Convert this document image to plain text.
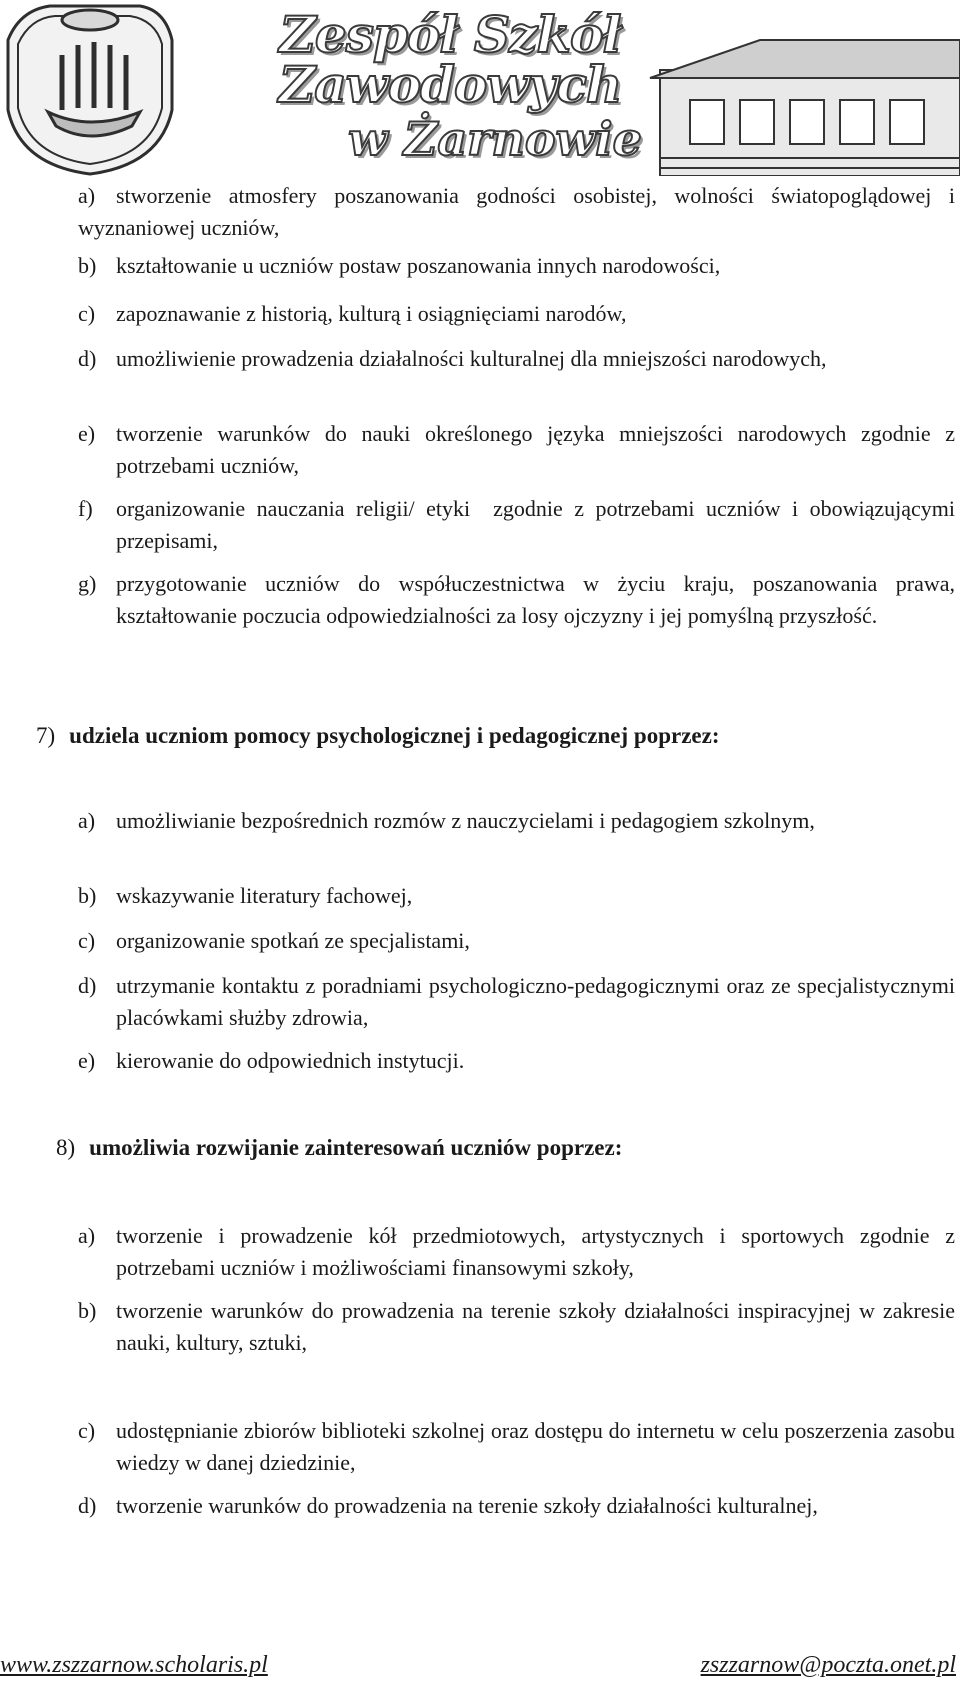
Zespół Szkół Zawodowych
w Żarnowie
a) stworzenie atmosfery poszanowania godności osobistej, wolności światopoglądowej i wyznaniowej uczniów,
b) kształtowanie u uczniów postaw poszanowania innych narodowości,
c) zapoznawanie z historią, kulturą i osiągnięciami narodów,
d) umożliwienie prowadzenia działalności kulturalnej dla mniejszości narodowych,
e) tworzenie warunków do nauki określonego języka mniejszości narodowych zgodnie z potrzebami uczniów,
f) organizowanie nauczania religii/ etyki  zgodnie z potrzebami uczniów i obowiązującymi przepisami,
g) przygotowanie uczniów do współuczestnictwa w życiu kraju, poszanowania prawa, kształtowanie poczucia odpowiedzialności za losy ojczyzny i jej pomyślną przyszłość.
7) udziela uczniom pomocy psychologicznej i pedagogicznej poprzez:
a) umożliwianie bezpośrednich rozmów z nauczycielami i pedagogiem szkolnym,
b) wskazywanie literatury fachowej,
c) organizowanie spotkań ze specjalistami,
d) utrzymanie kontaktu z poradniami psychologiczno-pedagogicznymi oraz ze specjalistycznymi placówkami służby zdrowia,
e) kierowanie do odpowiednich instytucji.
8) umożliwia rozwijanie zainteresowań uczniów poprzez:
a) tworzenie i prowadzenie kół przedmiotowych, artystycznych i sportowych zgodnie z potrzebami uczniów i możliwościami finansowymi szkoły,
b) tworzenie warunków do prowadzenia na terenie szkoły działalności inspiracyjnej w zakresie nauki, kultury, sztuki,
c) udostępnianie zbiorów biblioteki szkolnej oraz dostępu do internetu w celu poszerzenia zasobu wiedzy w danej dziedzinie,
d) tworzenie warunków do prowadzenia na terenie szkoły działalności kulturalnej,
www.zszzarnow.scholaris.pl	zszzarnow@poczta.onet.pl
